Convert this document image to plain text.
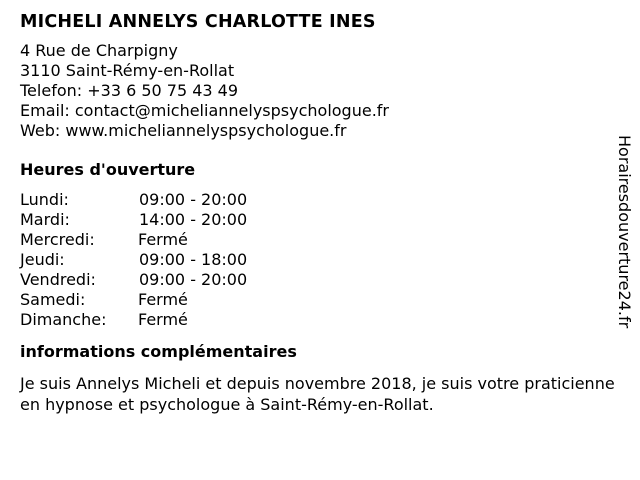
MICHELI ANNELYS CHARLOTTE INES
4 Rue de Charpigny
3110 Saint-Rémy-en-Rollat
Telefon: +33 6 50 75 43 49
Email: contact@micheliannelyspsychologue.fr
Web: www.micheliannelyspsychologue.fr
Heures d'ouverture
Lundi:	09:00 - 20:00
Mardi:	14:00 - 20:00
Mercredi:	Fermé
Jeudi:	09:00 - 18:00
Vendredi:	09:00 - 20:00
Samedi:	Fermé
Dimanche:	Fermé
informations complémentaires

Je suis Annelys Micheli et depuis novembre 2018, je suis votre praticienne en hypnose et psychologue à Saint-Rémy-en-Rollat.

Horairesdouverture24.fr
